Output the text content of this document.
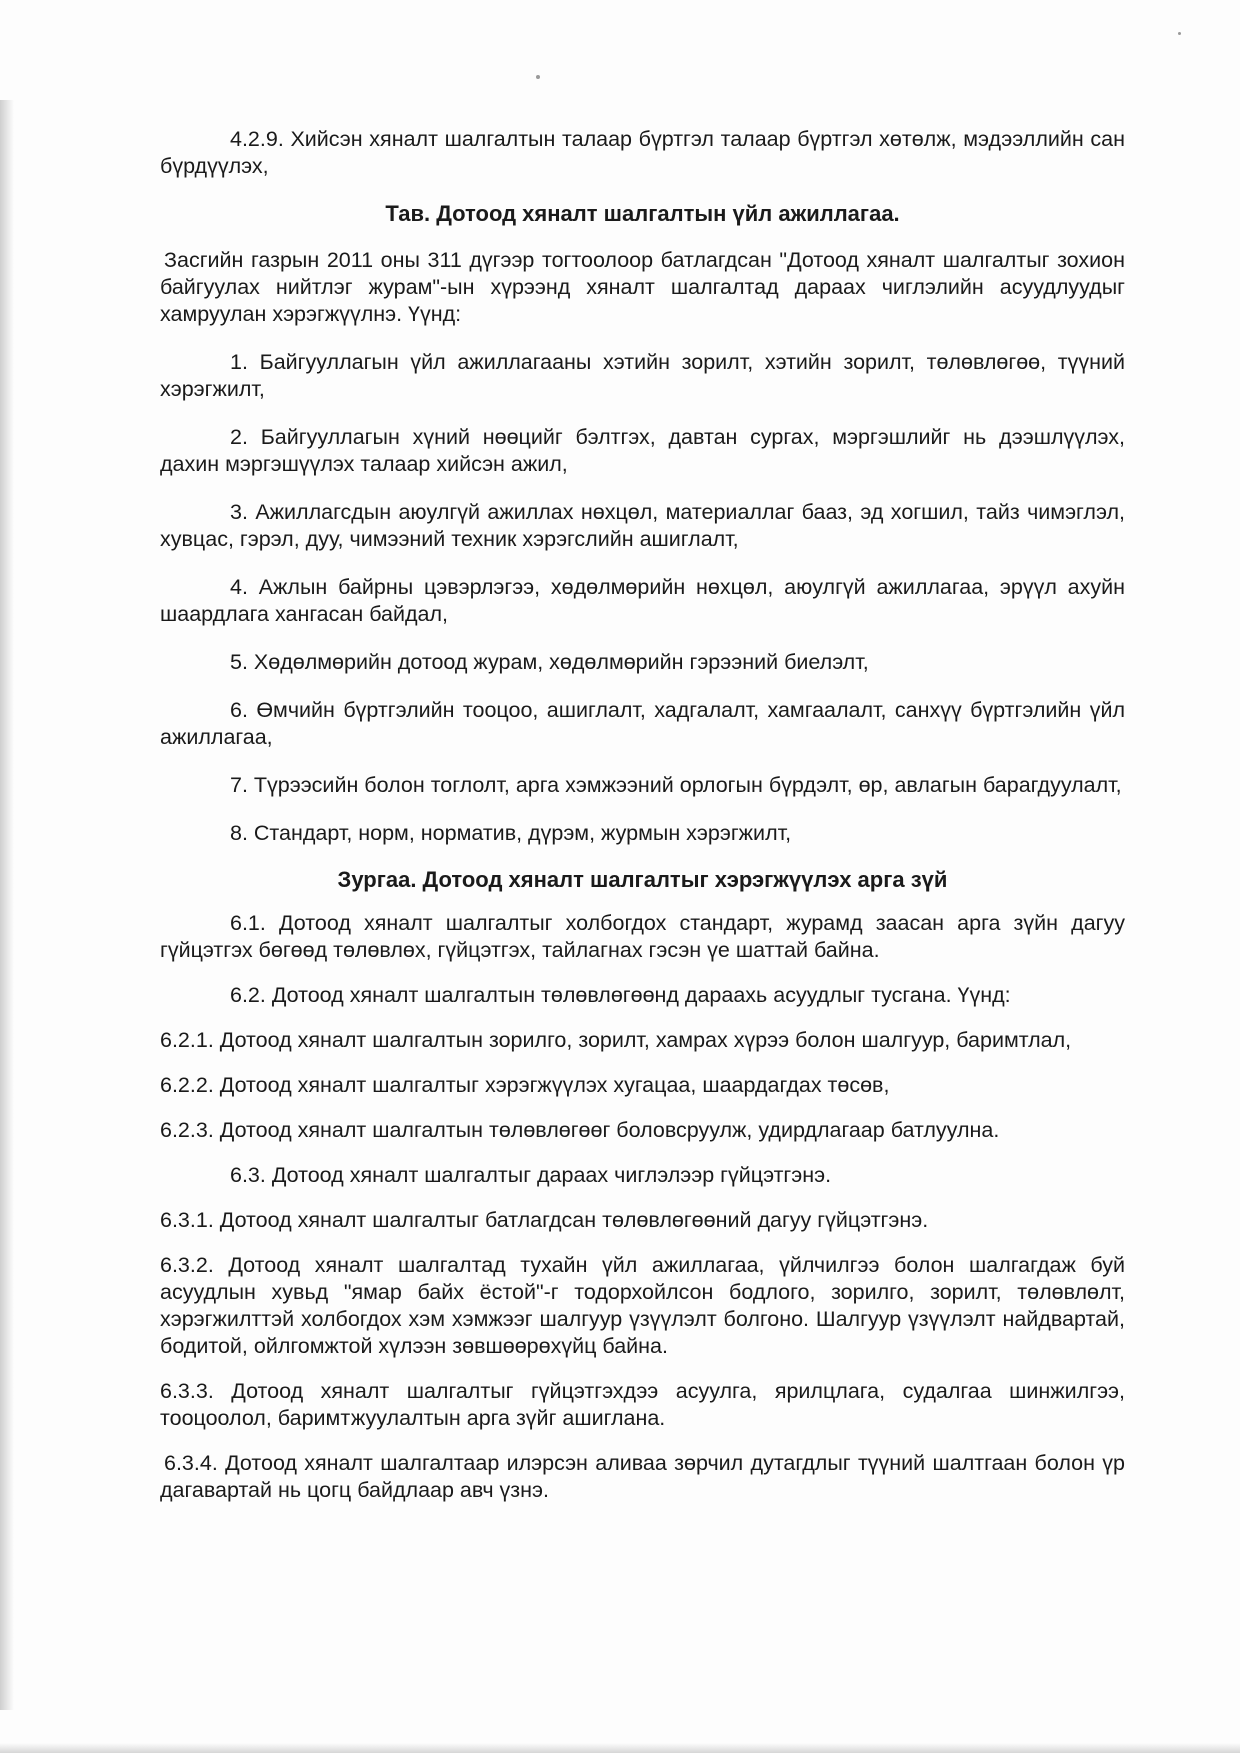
4.2.9. Хийсэн хяналт шалгалтын талаар бүртгэл талаар бүртгэл хөтөлж, мэдээллийн сан бүрдүүлэх,

Тав. Дотоод хяналт шалгалтын үйл ажиллагаа.

Засгийн газрын 2011 оны 311 дүгээр тогтоолоор батлагдсан "Дотоод хяналт шалгалтыг зохион байгуулах нийтлэг журам"-ын хүрээнд хяналт шалгалтад дараах чиглэлийн асуудлуудыг хамруулан хэрэгжүүлнэ. Үүнд:

1. Байгууллагын үйл ажиллагааны хэтийн зорилт, хэтийн зорилт, төлөвлөгөө, түүний хэрэгжилт,

2. Байгууллагын хүний нөөцийг бэлтгэх, давтан сургах, мэргэшлийг нь дээшлүүлэх, дахин мэргэшүүлэх талаар хийсэн ажил,

3. Ажиллагсдын аюулгүй ажиллах нөхцөл, материаллаг бааз, эд хогшил, тайз чимэглэл, хувцас, гэрэл, дуу, чимээний техник хэрэгслийн ашиглалт,

4. Ажлын байрны цэвэрлэгээ, хөдөлмөрийн нөхцөл, аюулгүй ажиллагаа, эрүүл ахуйн шаардлага хангасан байдал,

5. Хөдөлмөрийн дотоод журам, хөдөлмөрийн гэрээний биелэлт,

6. Өмчийн бүртгэлийн тооцоо, ашиглалт, хадгалалт, хамгаалалт, санхүү бүртгэлийн үйл ажиллагаа,

7. Түрээсийн болон тоглолт, арга хэмжээний орлогын бүрдэлт, өр, авлагын барагдуулалт,

8. Стандарт, норм, норматив, дүрэм, журмын хэрэгжилт,

Зургаа. Дотоод хяналт шалгалтыг хэрэгжүүлэх арга зүй

6.1. Дотоод хяналт шалгалтыг холбогдох стандарт, журамд заасан арга зүйн дагуу гүйцэтгэх бөгөөд төлөвлөх, гүйцэтгэх, тайлагнах гэсэн үе шаттай байна.

6.2. Дотоод хяналт шалгалтын төлөвлөгөөнд дараахь асуудлыг тусгана. Үүнд:

6.2.1. Дотоод хяналт шалгалтын зорилго, зорилт, хамрах хүрээ болон шалгуур, баримтлал,

6.2.2. Дотоод хяналт шалгалтыг хэрэгжүүлэх хугацаа, шаардагдах төсөв,

6.2.3. Дотоод хяналт шалгалтын төлөвлөгөөг боловсруулж, удирдлагаар батлуулна.

6.3. Дотоод хяналт шалгалтыг дараах чиглэлээр гүйцэтгэнэ.

6.3.1. Дотоод хяналт шалгалтыг батлагдсан төлөвлөгөөний дагуу гүйцэтгэнэ.

6.3.2. Дотоод хяналт шалгалтад тухайн үйл ажиллагаа, үйлчилгээ болон шалгагдаж буй асуудлын хувьд "ямар байх ёстой"-г тодорхойлсон бодлого, зорилго, зорилт, төлөвлөлт, хэрэгжилттэй холбогдох хэм хэмжээг шалгуур үзүүлэлт болгоно. Шалгуур үзүүлэлт найдвартай, бодитой, ойлгомжтой хүлээн зөвшөөрөхүйц байна.

6.3.3. Дотоод хяналт шалгалтыг гүйцэтгэхдээ асуулга, ярилцлага, судалгаа шинжилгээ, тооцоолол, баримтжуулалтын арга зүйг ашиглана.

6.3.4. Дотоод хяналт шалгалтаар илэрсэн аливаа зөрчил дутагдлыг түүний шалтгаан болон үр дагавартай нь цогц байдлаар авч үзнэ.
